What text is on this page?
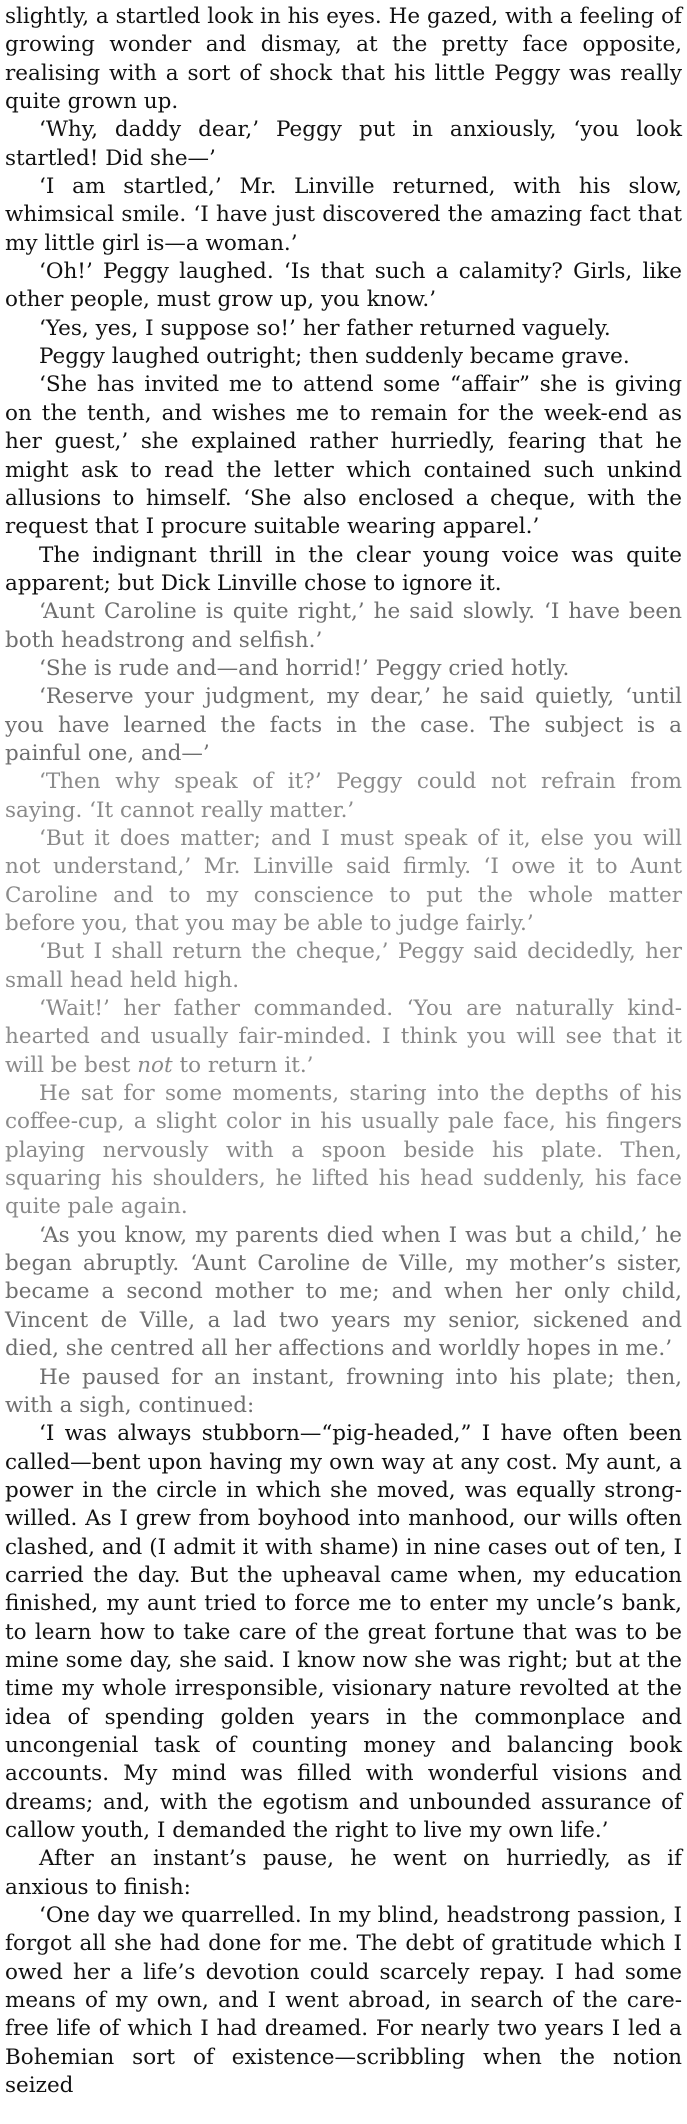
slightly, a startled look in his eyes. He gazed, with a feeling of growing wonder and dismay, at the pretty face opposite, realising with a sort of shock that his little Peggy was really quite grown up.

‘Why, daddy dear,’ Peggy put in anxiously, ‘you look startled! Did she—’

‘I am startled,’ Mr. Linville returned, with his slow, whimsical smile. ‘I have just discovered the amazing fact that my little girl is—a woman.’

‘Oh!’ Peggy laughed. ‘Is that such a calamity? Girls, like other people, must grow up, you know.’

‘Yes, yes, I suppose so!’ her father returned vaguely.

Peggy laughed outright; then suddenly became grave.

‘She has invited me to attend some “affair” she is giving on the tenth, and wishes me to remain for the week-end as her guest,’ she explained rather hurriedly, fearing that he might ask to read the letter which contained such unkind allusions to himself. ‘She also enclosed a cheque, with the request that I procure suitable wearing apparel.’

The indignant thrill in the clear young voice was quite apparent; but Dick Linville chose to ignore it.

‘Aunt Caroline is quite right,’ he said slowly. ‘I have been both headstrong and selfish.’

‘She is rude and—and horrid!’ Peggy cried hotly.

‘Reserve your judgment, my dear,’ he said quietly, ‘until you have learned the facts in the case. The subject is a painful one, and—’

‘Then why speak of it?’ Peggy could not refrain from saying. ‘It cannot really matter.’

‘But it does matter; and I must speak of it, else you will not understand,’ Mr. Linville said firmly. ‘I owe it to Aunt Caroline and to my conscience to put the whole matter before you, that you may be able to judge fairly.’

‘But I shall return the cheque,’ Peggy said decidedly, her small head held high.

‘Wait!’ her father commanded. ‘You are naturally kind-hearted and usually fair-minded. I think you will see that it will be best not to return it.’

He sat for some moments, staring into the depths of his coffee-cup, a slight color in his usually pale face, his fingers playing nervously with a spoon beside his plate. Then, squaring his shoulders, he lifted his head suddenly, his face quite pale again.

‘As you know, my parents died when I was but a child,’ he began abruptly. ‘Aunt Caroline de Ville, my mother’s sister, became a second mother to me; and when her only child, Vincent de Ville, a lad two years my senior, sickened and died, she centred all her affections and worldly hopes in me.’

He paused for an instant, frowning into his plate; then, with a sigh, continued:

‘I was always stubborn—“pig-headed,” I have often been called—bent upon having my own way at any cost. My aunt, a power in the circle in which she moved, was equally strong-willed. As I grew from boyhood into manhood, our wills often clashed, and (I admit it with shame) in nine cases out of ten, I carried the day. But the upheaval came when, my education finished, my aunt tried to force me to enter my uncle’s bank, to learn how to take care of the great fortune that was to be mine some day, she said. I know now she was right; but at the time my whole irresponsible, visionary nature revolted at the idea of spending golden years in the commonplace and uncongenial task of counting money and balancing book accounts. My mind was filled with wonderful visions and dreams; and, with the egotism and unbounded assurance of callow youth, I demanded the right to live my own life.’

After an instant’s pause, he went on hurriedly, as if anxious to finish:

‘One day we quarrelled. In my blind, headstrong passion, I forgot all she had done for me. The debt of gratitude which I owed her a life’s devotion could scarcely repay. I had some means of my own, and I went abroad, in search of the care-free life of which I had dreamed. For nearly two years I led a Bohemian sort of existence—scribbling when the notion seized
